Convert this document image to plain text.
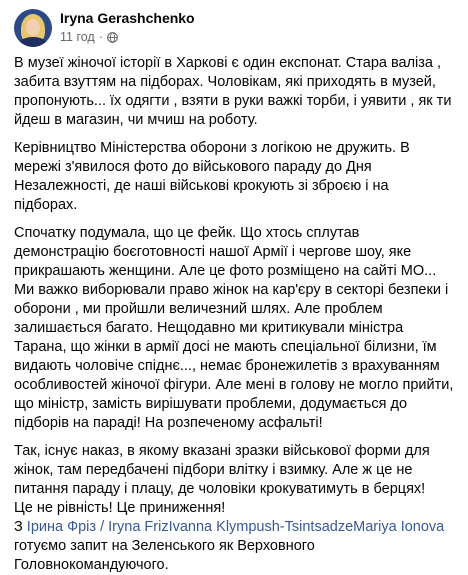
Iryna Gerashchenko
11 год ·

В музеї жіночої історії в Харкові є один експонат. Стара валіза , забита взуттям на підборах. Чоловікам, які приходять в музей, пропонують... їх одягти , взяти в руки важкі торби, і уявити , як ти йдеш в магазин, чи мчиш на роботу.

Керівництво Міністерства оборони з логікою не дружить. В мережі з'явилося фото до військового параду до Дня Незалежності, де наші військові крокують зі зброєю і на підборах.

Спочатку подумала, що це фейк. Що хтось сплутав демонстрацію боєготовності нашої Армії і чергове шоу, яке прикрашають женщини. Але це фото розміщено на сайті МО...

Ми важко виборювали право жінок на кар'єру в секторі безпеки і оборони , ми пройшли величезний шлях. Але проблем залишається багато. Нещодавно ми критикували міністра Тарана, що жінки в армії досі не мають спеціальної білизни, їм видають чоловіче спіднє..., немає бронежилетів з врахуванням особливостей жіночої фігури. Але мені в голову не могло прийти, що міністр, замість вирішувати проблеми, додумається до підборів на параді! На розпеченому асфальті!

Так, існує наказ, в якому вказані зразки військової форми для жінок, там передбачені підбори влітку і взимку. Але ж це не питання параду і плацу, де чоловіки крокуватимуть в берцях!

Це не рівність! Це приниження!

З Ірина Фріз / Iryna FrizIvanna Klympush-TsintsadzeMariya Ionova
готуємо запит на Зеленського як Верховного Головнокомандуючого.
